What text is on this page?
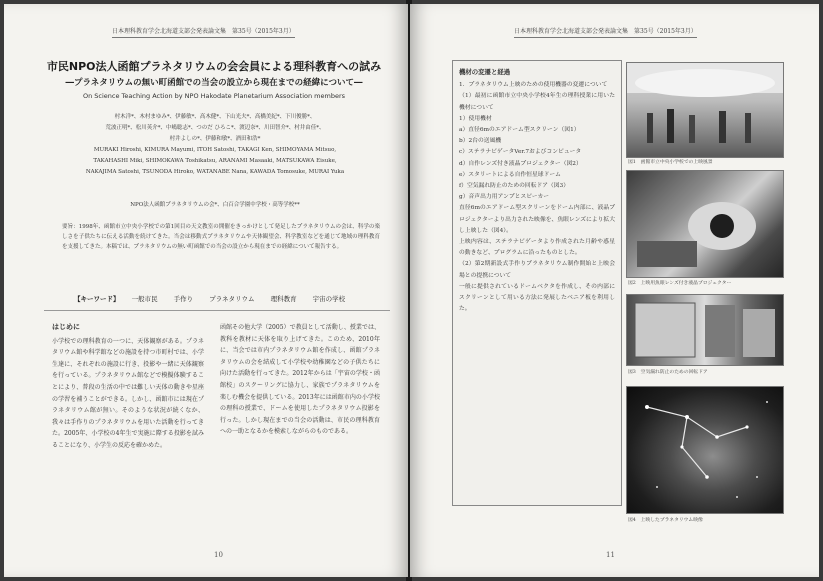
日本理科教育学会北海道支部会発表論文集　第35号（2015年3月）
市民NPO法人函館プラネタリウムの会会員による理科教育への試み
―プラネタリウムの無い町函館での当会の設立から現在までの経緯について―
On Science Teaching Action by NPO Hakodate Planetarium Association members
村木洋*、木村まゆみ*、伊藤敏*、高木健*、下山光夫*、高橋美紀*、下川俊勝*、
荒波正明*、松川英介*、中嶋聡志*、つのだ ひろこ*、渡辺奈*、川田智介*、村井由佳*、
村井よしの*、伊藤和敏*、酒田和浩*
MURAKI Hiroshi, KIMURA Mayumi, ITOH Satoshi, TAKAGI Ken, SHIMOYAMA Mitsuo,
TAKAHASHI Miki, SHIMOKAWA Toshikatsu, ARANAMI Masaaki, MATSUKAWA Eisuke,
NAKAJIMA Satoshi, TSUNODA Hiroko, WATANABE Nana, KAWADA Tomosuke, MURAI Yuka
NPO法人函館プラネタリウムの会*、白百合学園中学校・高等学校**
要旨：1998年、函館市立中央小学校での第1回目の天文教室の開催をきっかけとして発足したプラネタリウムの会は、科学の楽しさを子供たちに伝える活動を続けてきた。当会は移動式プラネタリウムや天体観望会、科学教室などを通じて地域の理科教育を支援してきた。本稿では、プラネタリウムの無い町函館での当会の設立から現在までの経緯について報告する。
【キーワード】 一般市民 手作り プラネタリウム 理科教育 宇宙の学校
はじめに
小学校での理科教育の一つに、天体観察がある。プラネタリウム館や科学館などの施設を持つ市町村では、小学生達に、それぞれの施設に行き、投影や一緒に天体観察を行っている。プラネタリウム館などで模擬体験することにより、普段の生活の中では難しい天体の動きや星座の学習を補うことができる。しかし、函館市には現在プラネタリウム館が無い。そのような状況が続くなか、我々は手作りのプラネタリウムを用いた活動を行ってきた。2005年、小学校の4年生で実施に際する投影を試みることになり、小学生の反応を確かめた。
函館その他大学（2005）で教員として活動し、授業では、教科を教材に天体を取り上げてきた。このため、2010年に、当会では市内プラネタリウム館を作成し、函館プラネタリウムの会を結成して小学校や幼稚園などの子供たちに向けた活動を行ってきた。2012年からは「宇宙の学校・函館校」のスクーリングに協力し、家族でプラネタリウムを楽しむ機会を提供している。2013年には函館市内の小学校の理科の授業で、ドームを使用したプラネタリウム投影を行った。しかし現在までの当会の活動は、市民の理科教育への一助となるかを模索しながらのものである。
10
日本理科教育学会北海道支部会発表論文集　第35号（2015年3月）
機材の変遷と経過
1．プラネタリウム上映のための使用機器の変遷について
（1）最初に函館市立中央小学校4年生の理科授業に用いた機材について
1）使用機材
a）直径6mのエアドーム型スクリーン（図1）
b）2台の送風機
c）ステラナビゲータVer.7およびコンピュータ
d）自作レンズ付き液晶プロジェクター（図2）
e）スタリートによる自作恒星球ドーム
f）空気漏れ防止のための回転ドア（図3）
g）音声出力用アンプとスピーカー
直径6mのエアドーム型スクリーンをドーム内部に、液晶プロジェクターより出力された映像を、魚眼レンズにより拡大し上映した（図4）。
上映内容は、ステラナビゲータより作成された月齢や惑星の動きなど、プログラムに沿ったものとした。
（2）第2期新設式手作りプラネタリウム制作開始と上映会場との提携について
一般に提供されているドームベクタを作成し、その内部にスクリーンとして用いる方法に発展したベニア板を利用した。
図1　函館市立中央小学校での上映風景
図2　上映用魚眼レンズ付き液晶プロジェクター
図3　空気漏れ防止のための回転ドア
図4　上映したプラネタリウム映像
11
